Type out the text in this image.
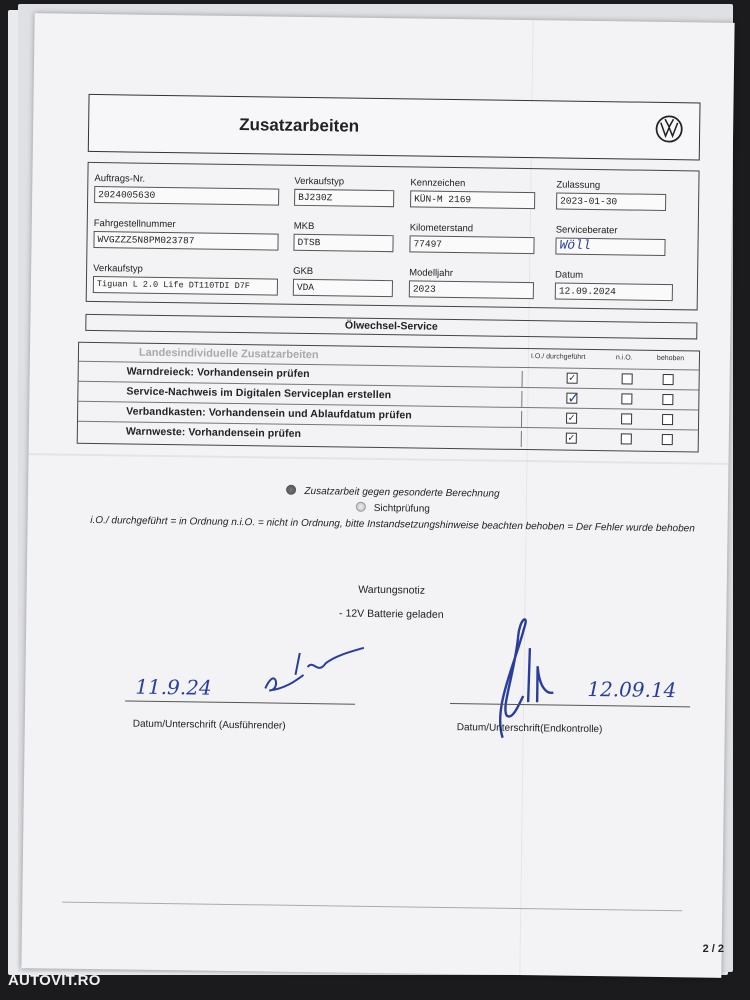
Zusatzarbeiten
Auftrags-Nr.
2024005630
Verkaufstyp
BJ230Z
Kennzeichen
KÜN-M 2169
Zulassung
2023-01-30
Fahrgestellnummer
WVGZZZ5N8PM023787
MKB
DTSB
Kilometerstand
77497
Serviceberater
Wöll
Verkaufstyp
Tiguan L 2.0 Life DT110TDI D7F
GKB
VDA
Modelljahr
2023
Datum
12.09.2024
Ölwechsel-Service
Landesindividuelle Zusatzarbeiten	I.O./ durchgeführt	n.i.O.	behoben
Warndreieck: Vorhandensein prüfen	✓
Service-Nachweis im Digitalen Serviceplan erstellen	✓
Verbandkasten: Vorhandensein und Ablaufdatum prüfen	✓
Warnweste: Vorhandensein prüfen	✓
Zusatzarbeit gegen gesonderte Berechnung
Sichtprüfung
i.O./ durchgeführt = in Ordnung n.i.O. = nicht in Ordnung, bitte Instandsetzungshinweise beachten behoben = Der Fehler wurde behoben
Wartungsnotiz
- 12V Batterie geladen
11.9.24
Datum/Unterschrift (Ausführender)
12.09.14
Datum/Unterschrift(Endkontrolle)
2 / 2
AUTOVIT.RO
